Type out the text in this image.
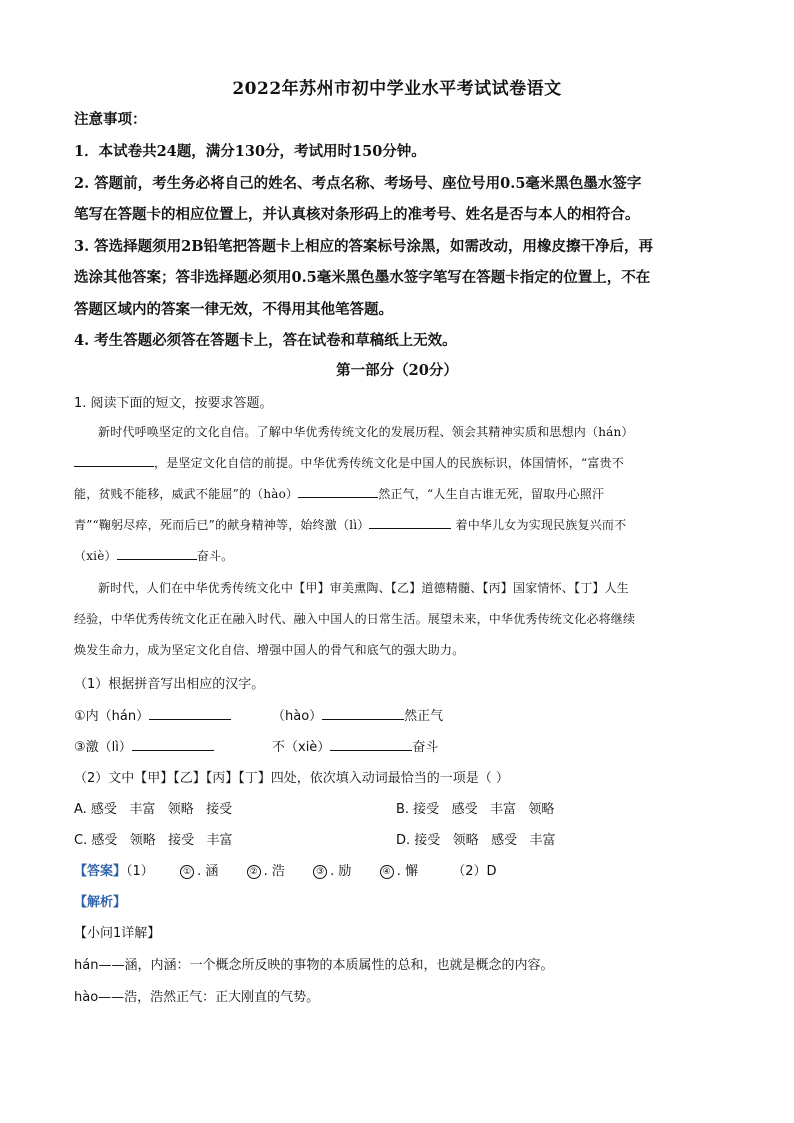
2022年苏州市初中学业水平考试试卷语文
注意事项：
1．本试卷共24题，满分130分，考试用时150分钟。
2. 答题前，考生务必将自己的姓名、考点名称、考场号、座位号用0.5毫米黑色墨水签字
笔写在答题卡的相应位置上，并认真核对条形码上的准考号、姓名是否与本人的相符合。
3. 答选择题须用2B铅笔把答题卡上相应的答案标号涂黑，如需改动，用橡皮擦干净后，再
选涂其他答案；答非选择题必须用0.5毫米黑色墨水签字笔写在答题卡指定的位置上，不在
答题区域内的答案一律无效，不得用其他笔答题。
4. 考生答题必须答在答题卡上，答在试卷和草稿纸上无效。
第一部分（20分）
1. 阅读下面的短文，按要求答题。
新时代呼唤坚定的文化自信。了解中华优秀传统文化的发展历程、领会其精神实质和思想内（hán）
，是坚定文化自信的前提。中华优秀传统文化是中国人的民族标识，体国情怀，“富贵不
能，贫贱不能移，威武不能屈”的（hào）	然正气，“人生自古谁无死，留取丹心照汗
青”“鞠躬尽瘁，死而后已”的献身精神等，始终激（lì）	着中华儿女为实现民族复兴而不
（xiè）	奋斗。
新时代，人们在中华优秀传统文化中【甲】审美熏陶、【乙】道德精髓、【丙】国家情怀、【丁】人生
经验，中华优秀传统文化正在融入时代、融入中国人的日常生活。展望未来，中华优秀传统文化必将继续
焕发生命力，成为坚定文化自信、增强中国人的骨气和底气的强大助力。
（1）根据拼音写出相应的汉字。
①内（hán）	（hào）	然正气
③激（lì）	不（xiè）	奋斗
（2）文中【甲】【乙】【丙】【丁】四处，依次填入动词最恰当的一项是（ ）
A. 感受   丰富   领略   接受	B. 接受   感受   丰富   领略
C. 感受   领略   接受   丰富	D. 接受   领略   感受   丰富
【答案】（1）	① . 涵	② . 浩	③ . 励	④ . 懈	（2）D
【解析】
【小问1详解】
hán——涵，内涵：一个概念所反映的事物的本质属性的总和，也就是概念的内容。
hào——浩，浩然正气：正大刚直的气势。
